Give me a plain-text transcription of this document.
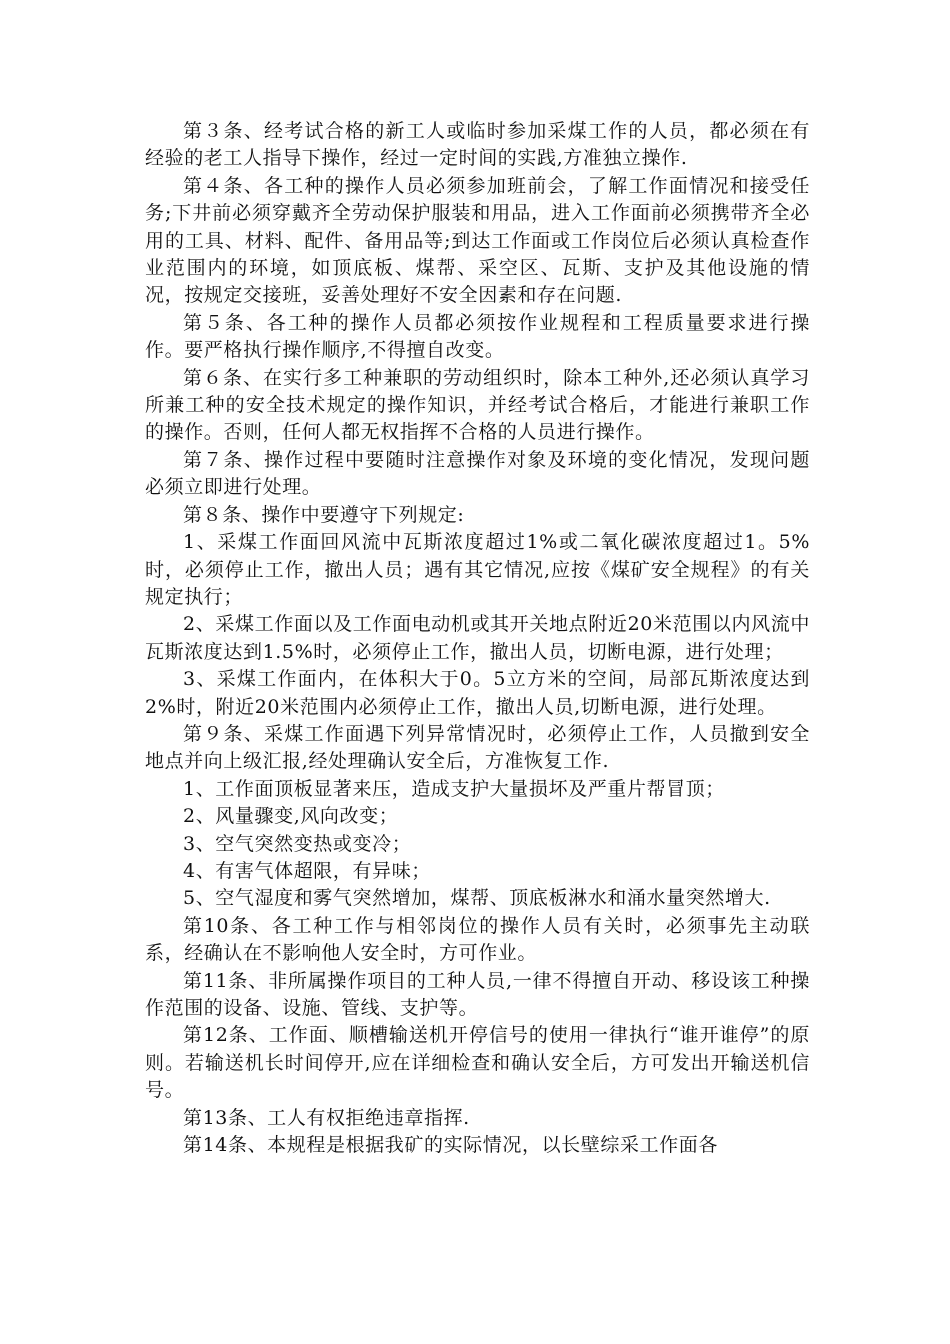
第３条、经考试合格的新工人或临时参加采煤工作的人员，都必须在有经验的老工人指导下操作，经过一定时间的实践,方准独立操作.

第４条、各工种的操作人员必须参加班前会，了解工作面情况和接受任务;下井前必须穿戴齐全劳动保护服装和用品，进入工作面前必须携带齐全必用的工具、材料、配件、备用品等;到达工作面或工作岗位后必须认真检查作业范围内的环境，如顶底板、煤帮、采空区、瓦斯、支护及其他设施的情况，按规定交接班，妥善处理好不安全因素和存在问题.

第５条、各工种的操作人员都必须按作业规程和工程质量要求进行操作。要严格执行操作顺序,不得擅自改变。

第６条、在实行多工种兼职的劳动组织时，除本工种外,还必须认真学习所兼工种的安全技术规定的操作知识，并经考试合格后，才能进行兼职工作的操作。否则，任何人都无权指挥不合格的人员进行操作。

第７条、操作过程中要随时注意操作对象及环境的变化情况，发现问题必须立即进行处理。

第８条、操作中要遵守下列规定:

1、采煤工作面回风流中瓦斯浓度超过1%或二氧化碳浓度超过1。5%时，必须停止工作，撤出人员；遇有其它情况,应按《煤矿安全规程》的有关规定执行；

2、采煤工作面以及工作面电动机或其开关地点附近20米范围以内风流中瓦斯浓度达到1.5%时，必须停止工作，撤出人员，切断电源，进行处理；

3、采煤工作面内，在体积大于0。5立方米的空间，局部瓦斯浓度达到2%时，附近20米范围内必须停止工作，撤出人员,切断电源，进行处理。

第９条、采煤工作面遇下列异常情况时，必须停止工作，人员撤到安全地点并向上级汇报,经处理确认安全后，方准恢复工作.

1、工作面顶板显著来压，造成支护大量损坏及严重片帮冒顶；

2、风量骤变,风向改变；

3、空气突然变热或变冷；

4、有害气体超限，有异味；

5、空气湿度和雾气突然增加，煤帮、顶底板淋水和涌水量突然增大.

第10条、各工种工作与相邻岗位的操作人员有关时，必须事先主动联系，经确认在不影响他人安全时，方可作业。

第11条、非所属操作项目的工种人员,一律不得擅自开动、移设该工种操作范围的设备、设施、管线、支护等。

第12条、工作面、顺槽输送机开停信号的使用一律执行“谁开谁停”的原则。若输送机长时间停开,应在详细检查和确认安全后，方可发出开输送机信号。

第13条、工人有权拒绝违章指挥.

第14条、本规程是根据我矿的实际情况，以长壁综采工作面各
